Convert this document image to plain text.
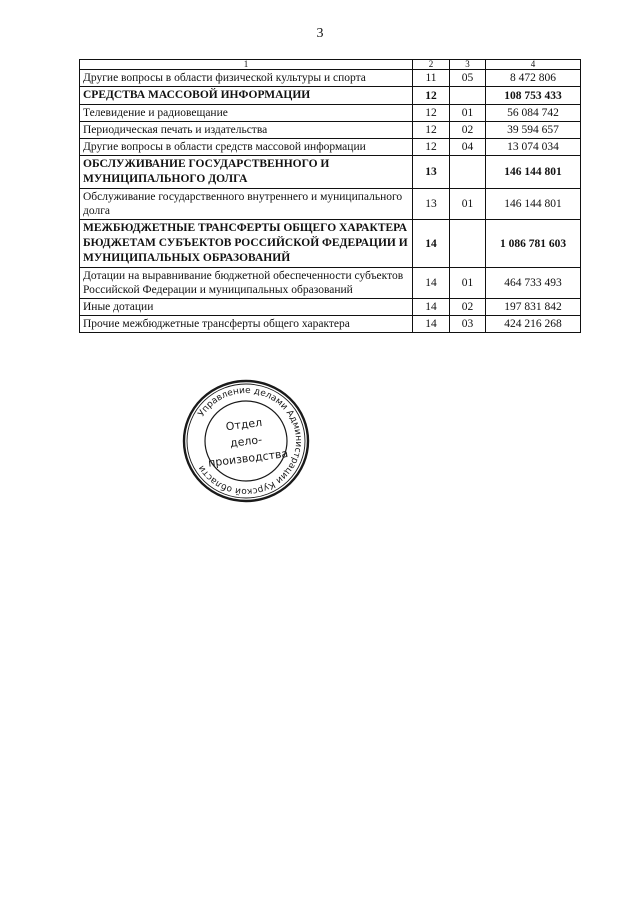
3
1	2	3	4
Другие вопросы в области физической культуры и спорта	11	05	8 472 806
СРЕДСТВА МАССОВОЙ ИНФОРМАЦИИ	12		108 753 433
Телевидение и радиовещание	12	01	56 084 742
Периодическая печать и издательства	12	02	39 594 657
Другие вопросы в области средств массовой информации	12	04	13 074 034
ОБСЛУЖИВАНИЕ ГОСУДАРСТВЕННОГО И МУНИЦИПАЛЬНОГО ДОЛГА	13		146 144 801
Обслуживание государственного внутреннего и муниципального долга	13	01	146 144 801
МЕЖБЮДЖЕТНЫЕ ТРАНСФЕРТЫ ОБЩЕГО ХАРАКТЕРА БЮДЖЕТАМ СУБЪЕКТОВ РОССИЙСКОЙ ФЕДЕРАЦИИ И МУНИЦИПАЛЬНЫХ ОБРАЗОВАНИЙ	14		1 086 781 603
Дотации на выравнивание бюджетной обеспеченности субъектов Российской Федерации и муниципальных образований	14	01	464 733 493
Иные дотации	14	02	197 831 842
Прочие межбюджетные трансферты общего характера	14	03	424 216 268
Управление делами Администрации Курской области
Отдел
дело-
производства
